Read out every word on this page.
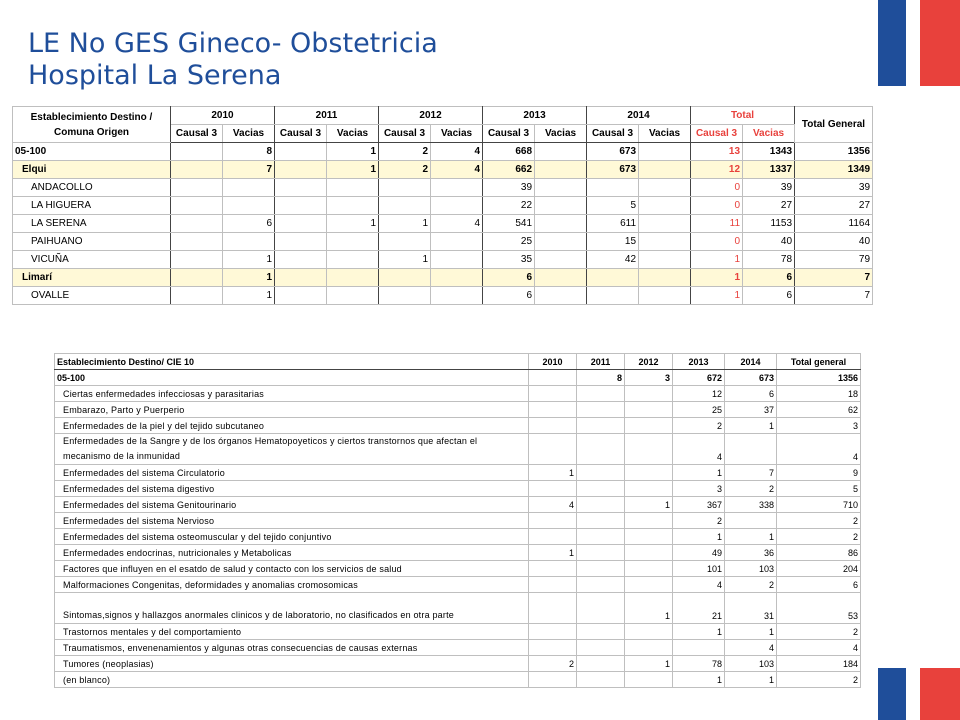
LE No GES Gineco- Obstetricia
Hospital La Serena
Establecimiento Destino / Comuna Origen	2010		2011		2012		2013		2014		Total		Total General
	Causal 3	Vacias	Causal 3	Vacias	Causal 3	Vacias	Causal 3	Vacias	Causal 3	Vacias	Causal 3	Vacias	
05-100		8		1	2	4	668		673		13	1343	1356
Elqui		7		1	2	4	662		673		12	1337	1349
ANDACOLLO							39				0	39	39
LA HIGUERA							22		5		0	27	27
LA SERENA		6		1	1	4	541		611		11	1153	1164
PAIHUANO							25		15		0	40	40
VICUÑA		1			1		35		42		1	78	79
Limarí		1					6				1	6	7
OVALLE		1					6				1	6	7
Establecimiento Destino/ CIE 10	2010	2011	2012	2013	2014	Total general
05-100		8	3	672	673	1356
Ciertas enfermedades infecciosas y parasitarias				12	6	18
Embarazo, Parto y Puerperio				25	37	62
Enfermedades de la piel y del tejido subcutaneo				2	1	3
Enfermedades de la Sangre y de los órganos Hematopoyeticos y ciertos transtornos que afectan el mecanismo de la inmunidad				4		4
Enfermedades del sistema Circulatorio	1			1	7	9
Enfermedades del sistema digestivo				3	2	5
Enfermedades del sistema Genitourinario	4		1	367	338	710
Enfermedades del sistema Nervioso				2		2
Enfermedades del sistema osteomuscular y del tejido conjuntivo				1	1	2
Enfermedades endocrinas, nutricionales y Metabolicas	1			49	36	86
Factores que influyen en el esatdo de salud y contacto con los servicios de salud				101	103	204
Malformaciones Congenitas, deformidades y anomalias cromosomicas				4	2	6
Sintomas,signos y hallazgos anormales clinicos y de laboratorio, no clasificados en otra parte			1	21	31	53
Trastornos mentales y del comportamiento				1	1	2
Traumatismos, envenenamientos y algunas otras consecuencias de causas externas					4	4
Tumores (neoplasias)	2		1	78	103	184
(en blanco)				1	1	2
